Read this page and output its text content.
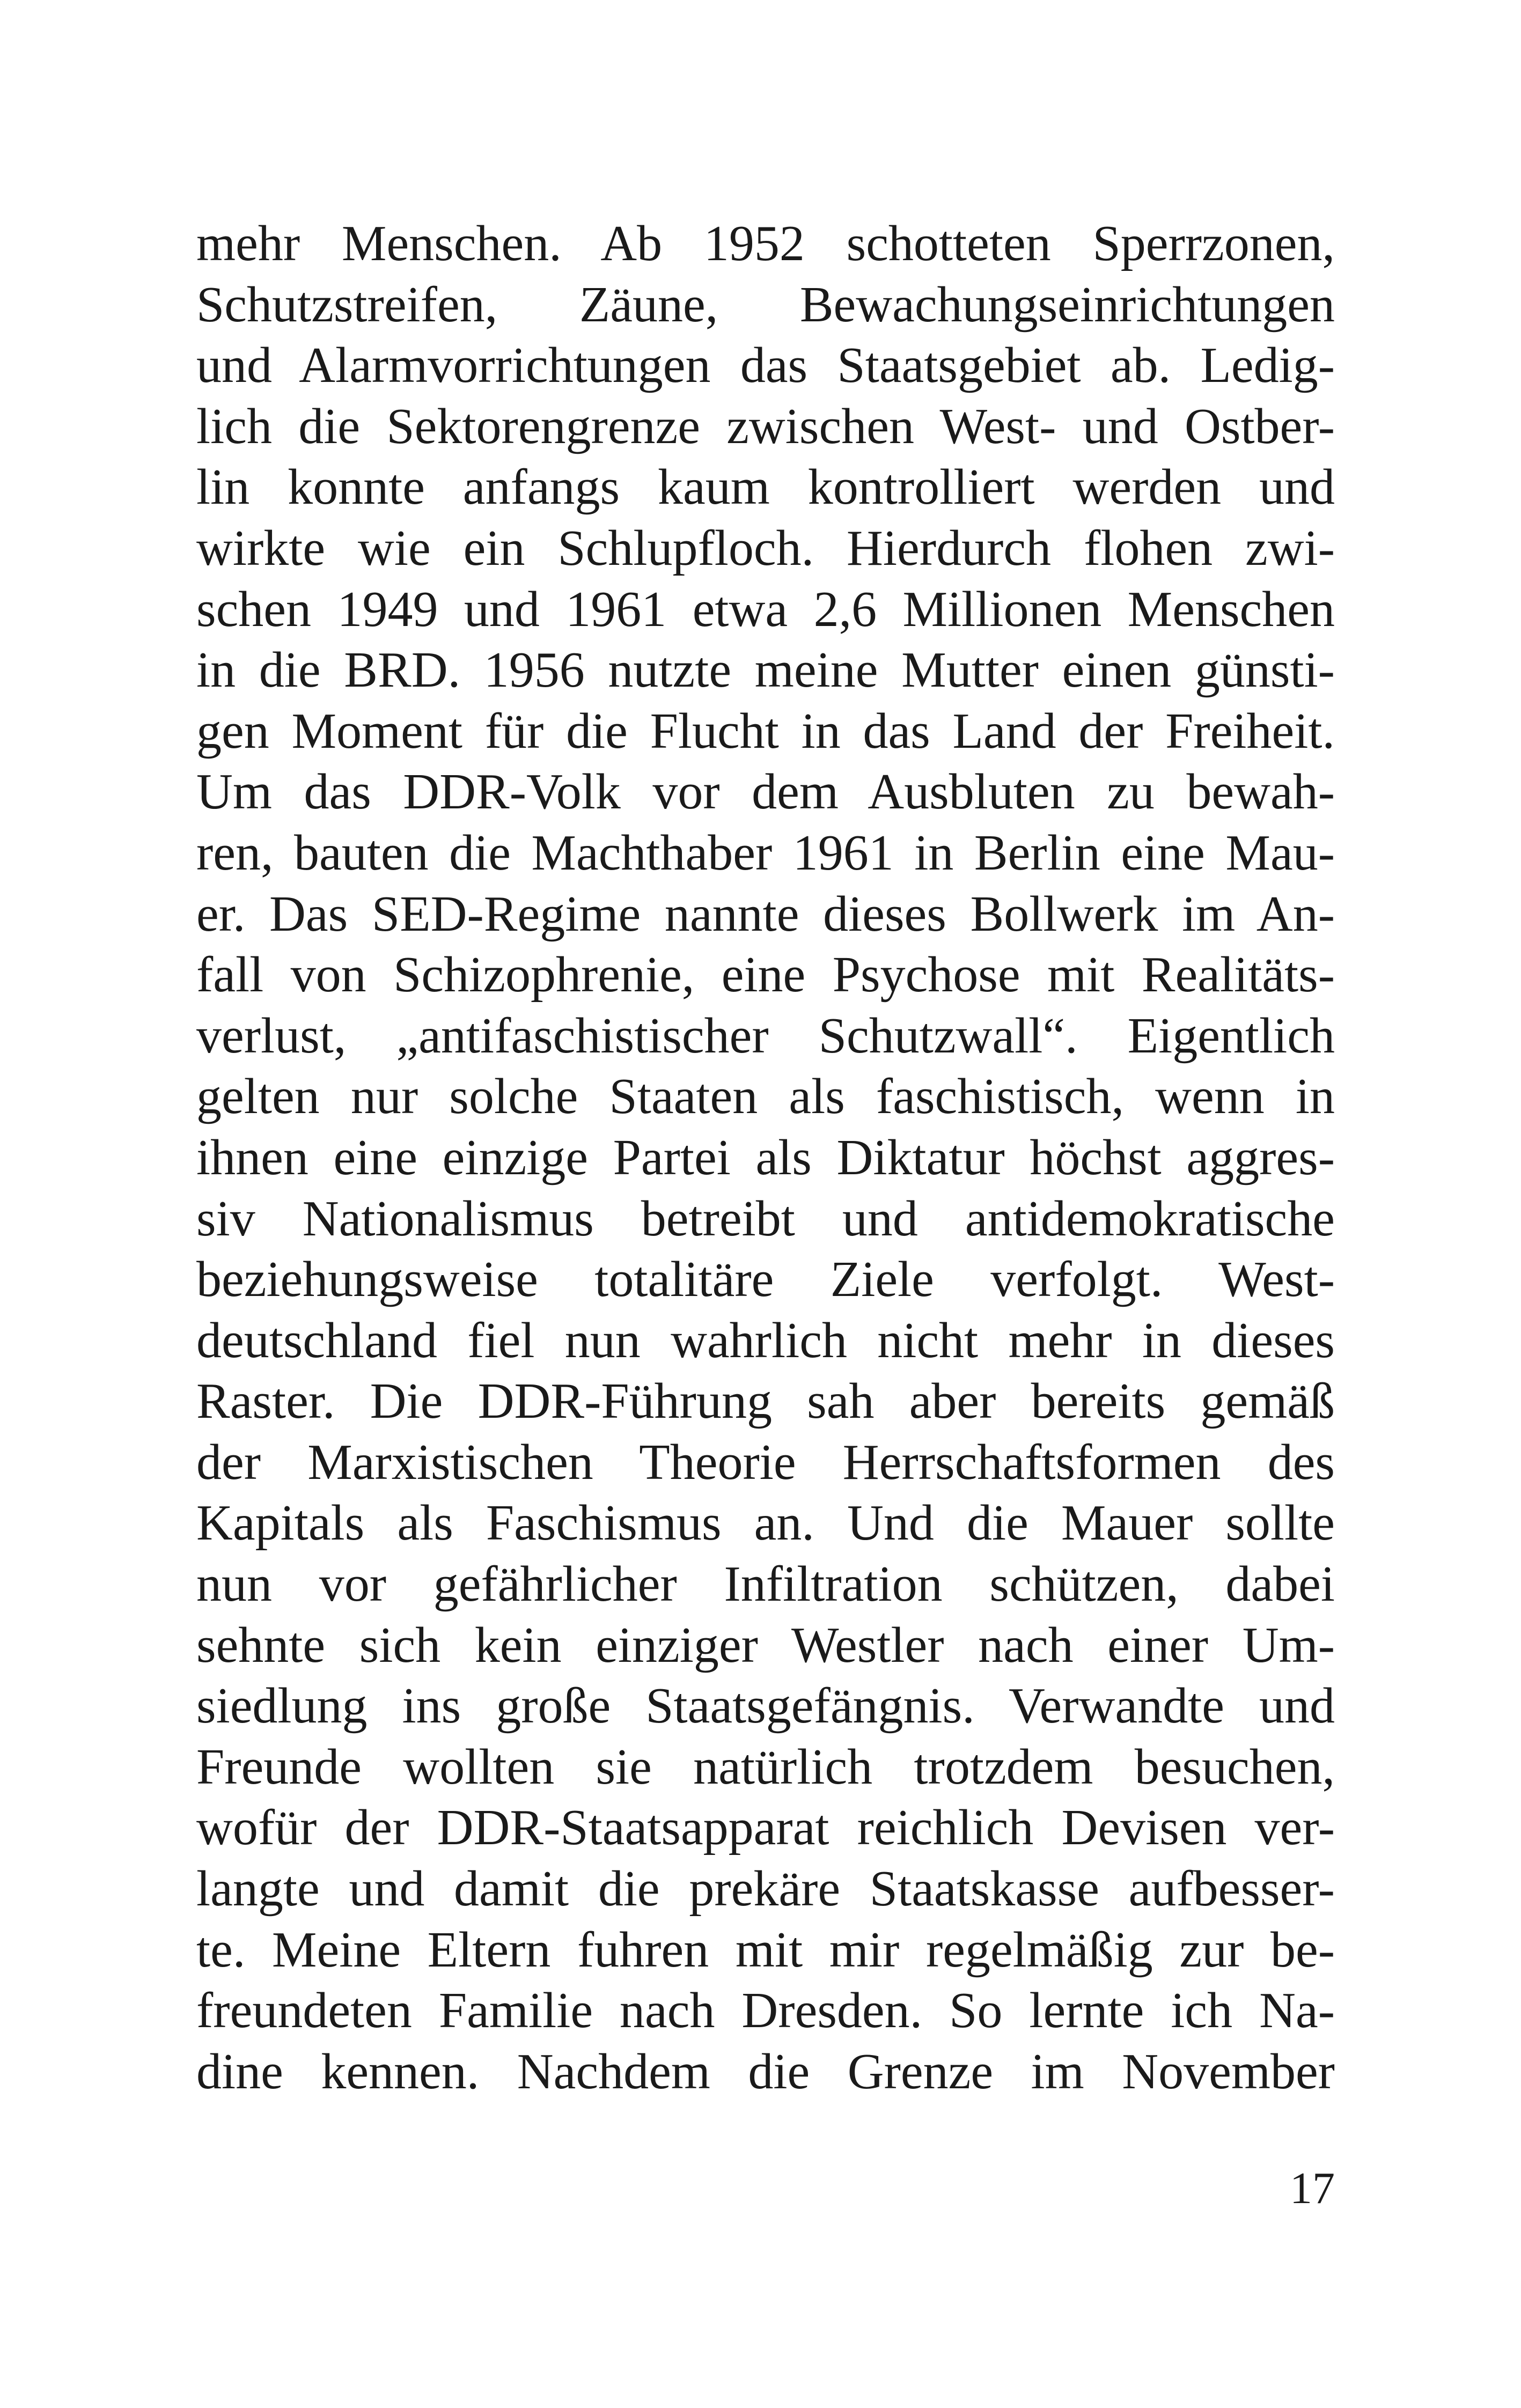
mehr Menschen. Ab 1952 schotteten Sperrzonen,
Schutzstreifen, Zäune, Bewachungseinrichtungen
und Alarmvorrichtungen das Staatsgebiet ab. Ledig-
lich die Sektorengrenze zwischen West- und Ostber-
lin konnte anfangs kaum kontrolliert werden und
wirkte wie ein Schlupfloch. Hierdurch flohen zwi-
schen 1949 und 1961 etwa 2,6 Millionen Menschen
in die BRD. 1956 nutzte meine Mutter einen günsti-
gen Moment für die Flucht in das Land der Freiheit.
Um das DDR-Volk vor dem Ausbluten zu bewah-
ren, bauten die Machthaber 1961 in Berlin eine Mau-
er. Das SED-Regime nannte dieses Bollwerk im An-
fall von Schizophrenie, eine Psychose mit Realitäts-
verlust, „antifaschistischer Schutzwall“. Eigentlich
gelten nur solche Staaten als faschistisch, wenn in
ihnen eine einzige Partei als Diktatur höchst aggres-
siv Nationalismus betreibt und antidemokratische
beziehungsweise totalitäre Ziele verfolgt. West-
deutschland fiel nun wahrlich nicht mehr in dieses
Raster. Die DDR-Führung sah aber bereits gemäß
der Marxistischen Theorie Herrschaftsformen des
Kapitals als Faschismus an. Und die Mauer sollte
nun vor gefährlicher Infiltration schützen, dabei
sehnte sich kein einziger Westler nach einer Um-
siedlung ins große Staatsgefängnis. Verwandte und
Freunde wollten sie natürlich trotzdem besuchen,
wofür der DDR-Staatsapparat reichlich Devisen ver-
langte und damit die prekäre Staatskasse aufbesser-
te. Meine Eltern fuhren mit mir regelmäßig zur be-
freundeten Familie nach Dresden. So lernte ich Na-
dine kennen. Nachdem die Grenze im November
17
